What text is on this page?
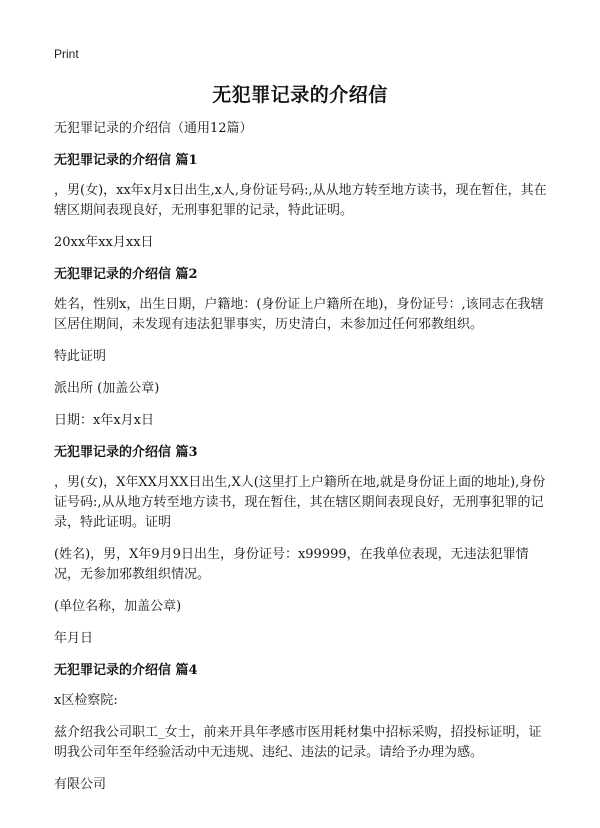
Print
无犯罪记录的介绍信
无犯罪记录的介绍信（通用12篇）
无犯罪记录的介绍信 篇1
，男(女)，xx年x月x日出生,x人,身份证号码:,从从地方转至地方读书，现在暂住，其在辖区期间表现良好，无刑事犯罪的记录，特此证明。
20xx年xx月xx日
无犯罪记录的介绍信 篇2
姓名，性别x，出生日期，户籍地：(身份证上户籍所在地)，身份证号：,该同志在我辖区居住期间，未发现有违法犯罪事实，历史清白，未参加过任何邪教组织。
特此证明
派出所 (加盖公章)
日期：x年x月x日
无犯罪记录的介绍信 篇3
，男(女)，X年XX月XX日出生,X人(这里打上户籍所在地,就是身份证上面的地址),身份证号码:,从从地方转至地方读书，现在暂住，其在辖区期间表现良好，无刑事犯罪的记录，特此证明。证明
(姓名)，男，X年9月9日出生，身份证号：x99999，在我单位表现，无违法犯罪情况，无参加邪教组织情况。
(单位名称，加盖公章)
年月日
无犯罪记录的介绍信 篇4
x区检察院:
兹介绍我公司职工_女士，前来开具年孝感市医用耗材集中招标采购，招投标证明，证明我公司年至年经验活动中无违规、违纪、违法的记录。请给予办理为感。
有限公司
